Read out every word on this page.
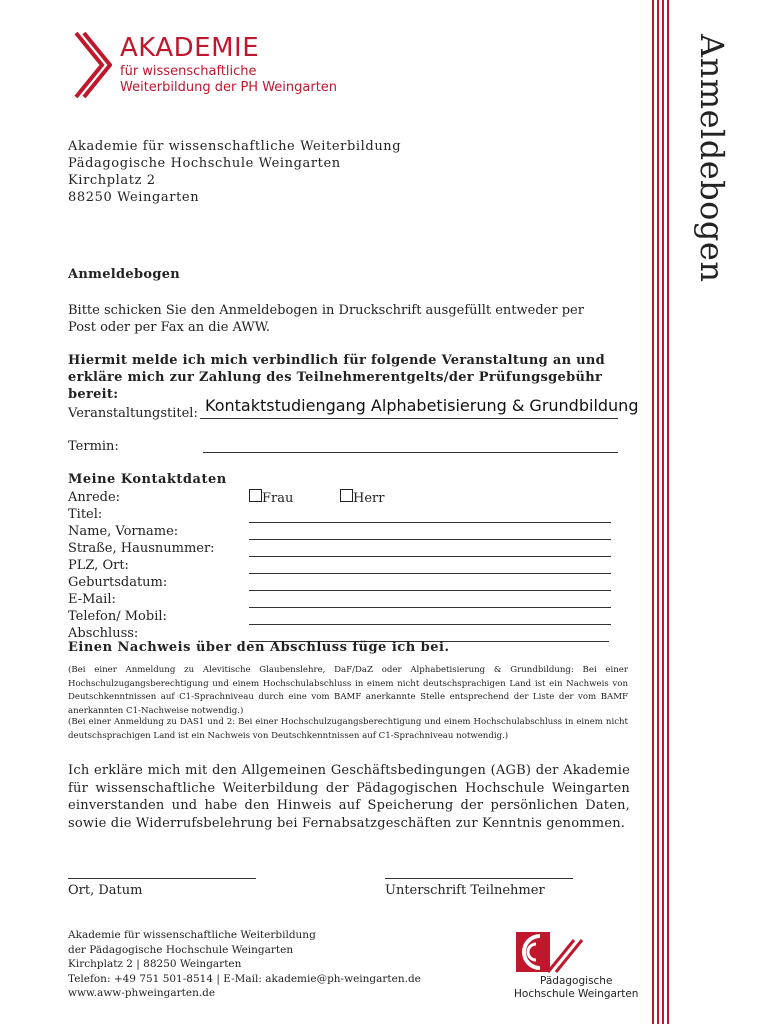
Anmeldebogen
AKADEMIE
für wissenschaftliche
Weiterbildung der PH Weingarten
Akademie für wissenschaftliche Weiterbildung
Pädagogische Hochschule Weingarten
Kirchplatz 2
88250 Weingarten
Anmeldebogen
Bitte schicken Sie den Anmeldebogen in Druckschrift ausgefüllt entweder per Post oder per Fax an die AWW.
Hiermit melde ich mich verbindlich für folgende Veranstaltung an und erkläre mich zur Zahlung des Teilnehmerentgelts/der Prüfungsgebühr bereit:
Veranstaltungstitel: Kontaktstudiengang Alphabetisierung & Grundbildung
Termin:
Meine Kontaktdaten
Anrede:
Titel:
Name, Vorname:
Straße, Hausnummer:
PLZ, Ort:
Geburtsdatum:
E-Mail:
Telefon/ Mobil:
Abschluss:
Frau	Herr
Einen Nachweis über den Abschluss füge ich bei.
(Bei einer Anmeldung zu Alevitische Glaubenslehre, DaF/DaZ oder Alphabetisierung & Grundbildung: Bei einer Hochschulzugangsberechtigung und einem Hochschulabschluss in einem nicht deutschsprachigen Land ist ein Nachweis von Deutschkenntnissen auf C1-Sprachniveau durch eine vom BAMF anerkannte Stelle entsprechend der Liste der vom BAMF anerkannten C1-Nachweise notwendig.)
(Bei einer Anmeldung zu DAS1 und 2: Bei einer Hochschulzugangsberechtigung und einem Hochschulabschluss in einem nicht deutschsprachigen Land ist ein Nachweis von Deutschkenntnissen auf C1-Sprachniveau notwendig.)
Ich erkläre mich mit den Allgemeinen Geschäftsbedingungen (AGB) der Akademie für wissenschaftliche Weiterbildung der Pädagogischen Hochschule Weingarten einverstanden und habe den Hinweis auf Speicherung der persönlichen Daten, sowie die Widerrufsbelehrung bei Fernabsatzgeschäften zur Kenntnis genommen.
Ort, Datum	Unterschrift Teilnehmer
Akademie für wissenschaftliche Weiterbildung
der Pädagogische Hochschule Weingarten
Kirchplatz 2 | 88250 Weingarten
Telefon: +49 751 501-8514 | E-Mail: akademie@ph-weingarten.de
www.aww-phweingarten.de
Pädagogische
Hochschule Weingarten
